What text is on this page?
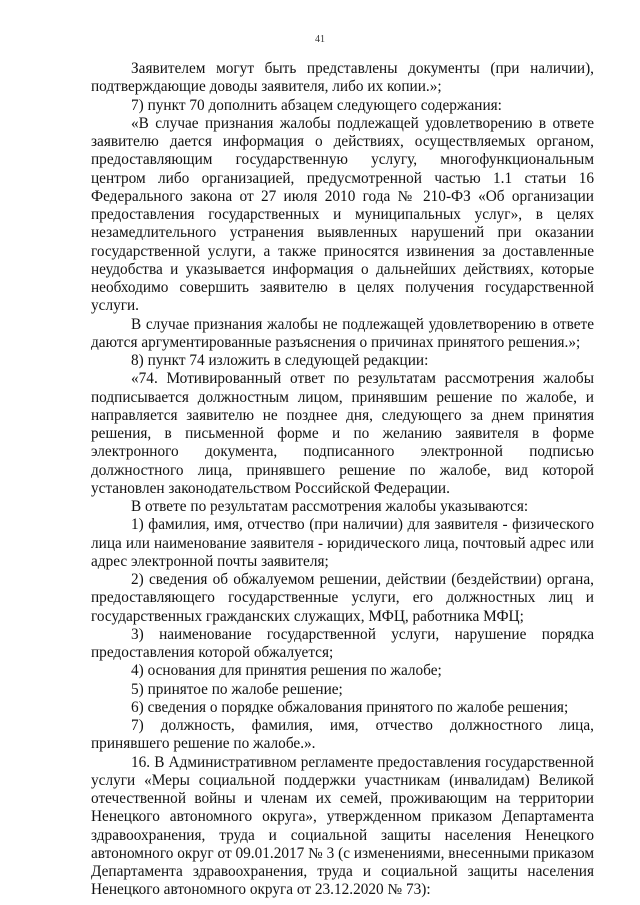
41

Заявителем могут быть представлены документы (при наличии), подтверждающие доводы заявителя, либо их копии.»;

7) пункт 70 дополнить абзацем следующего содержания:

«В случае признания жалобы подлежащей удовлетворению в ответе заявителю дается информация о действиях, осуществляемых органом, предоставляющим государственную услугу, многофункциональным центром либо организацией, предусмотренной частью 1.1 статьи 16 Федерального закона от 27 июля 2010 года № 210-ФЗ «Об организации предоставления государственных и муниципальных услуг», в целях незамедлительного устранения выявленных нарушений при оказании государственной услуги, а также приносятся извинения за доставленные неудобства и указывается информация о дальнейших действиях, которые необходимо совершить заявителю в целях получения государственной услуги.

В случае признания жалобы не подлежащей удовлетворению в ответе даются аргументированные разъяснения о причинах принятого решения.»;

8) пункт 74 изложить в следующей редакции:

«74. Мотивированный ответ по результатам рассмотрения жалобы подписывается должностным лицом, принявшим решение по жалобе, и направляется заявителю не позднее дня, следующего за днем принятия решения, в письменной форме и по желанию заявителя в форме электронного документа, подписанного электронной подписью должностного лица, принявшего решение по жалобе, вид которой установлен законодательством Российской Федерации.

В ответе по результатам рассмотрения жалобы указываются:

1) фамилия, имя, отчество (при наличии) для заявителя - физического лица или наименование заявителя - юридического лица, почтовый адрес или адрес электронной почты заявителя;

2) сведения об обжалуемом решении, действии (бездействии) органа, предоставляющего государственные услуги, его должностных лиц и государственных гражданских служащих, МФЦ, работника МФЦ;

3) наименование государственной услуги, нарушение порядка предоставления которой обжалуется;

4) основания для принятия решения по жалобе;

5) принятое по жалобе решение;

6) сведения о порядке обжалования принятого по жалобе решения;

7) должность, фамилия, имя, отчество должностного лица, принявшего решение по жалобе.».

16. В Административном регламенте предоставления государственной услуги «Меры социальной поддержки участникам (инвалидам) Великой отечественной войны и членам их семей, проживающим на территории Ненецкого автономного округа», утвержденном приказом Департамента здравоохранения, труда и социальной защиты населения Ненецкого автономного округ от 09.01.2017 № 3 (с изменениями, внесенными приказом Департамента здравоохранения, труда и социальной защиты населения Ненецкого автономного округа от 23.12.2020 № 73):
